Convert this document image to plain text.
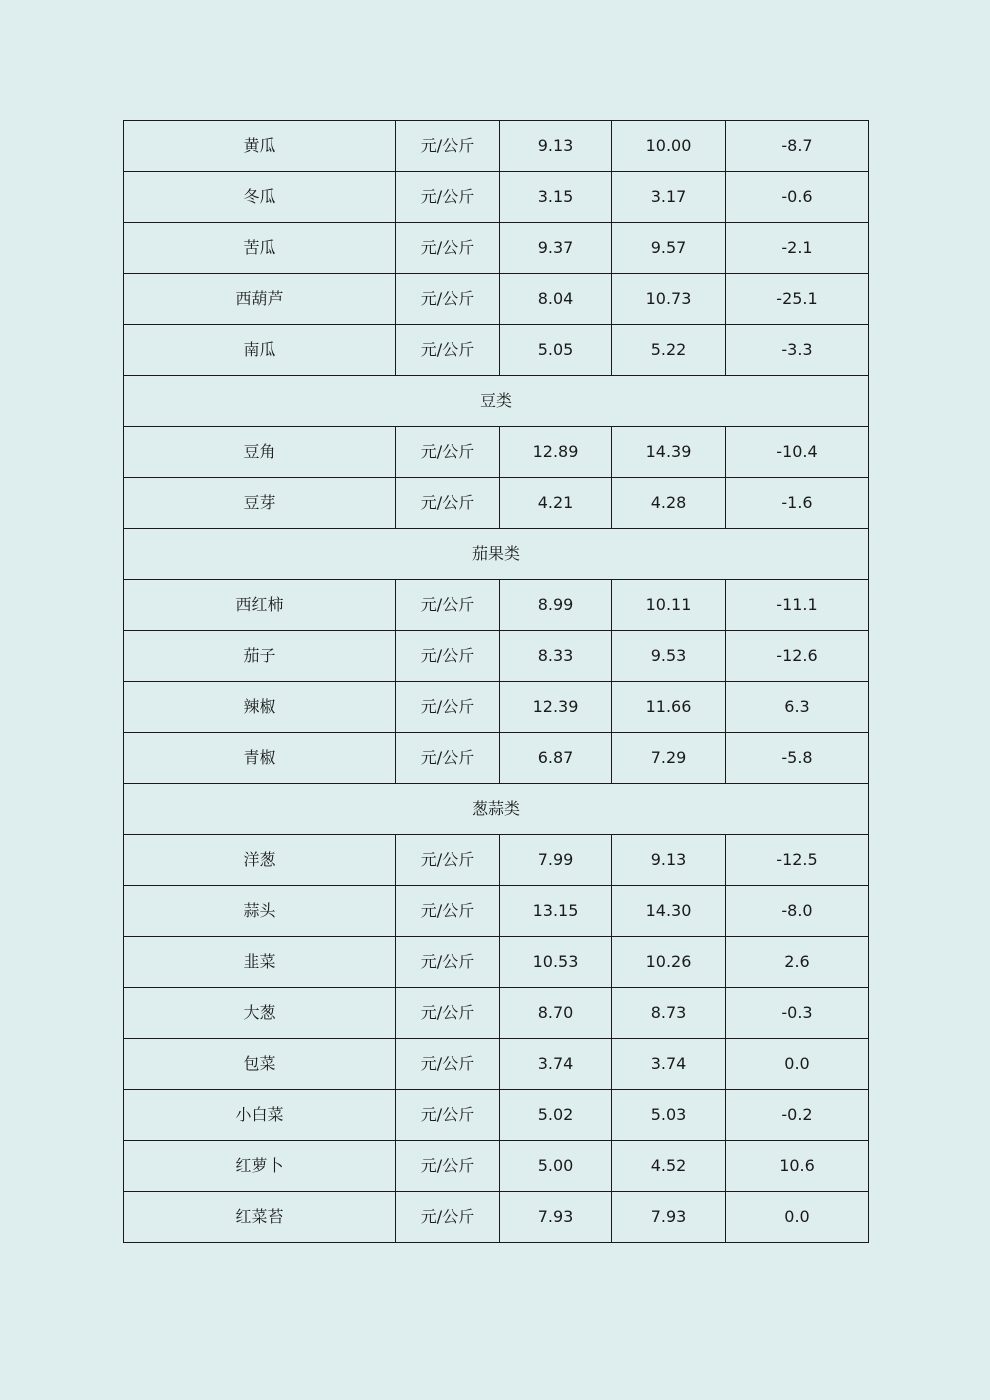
黄瓜	元/公斤	9.13	10.00	-8.7
冬瓜	元/公斤	3.15	3.17	-0.6
苦瓜	元/公斤	9.37	9.57	-2.1
西葫芦	元/公斤	8.04	10.73	-25.1
南瓜	元/公斤	5.05	5.22	-3.3
豆类				
豆角	元/公斤	12.89	14.39	-10.4
豆芽	元/公斤	4.21	4.28	-1.6
茄果类				
西红柿	元/公斤	8.99	10.11	-11.1
茄子	元/公斤	8.33	9.53	-12.6
辣椒	元/公斤	12.39	11.66	6.3
青椒	元/公斤	6.87	7.29	-5.8
葱蒜类				
洋葱	元/公斤	7.99	9.13	-12.5
蒜头	元/公斤	13.15	14.30	-8.0
韭菜	元/公斤	10.53	10.26	2.6
大葱	元/公斤	8.70	8.73	-0.3
包菜	元/公斤	3.74	3.74	0.0
小白菜	元/公斤	5.02	5.03	-0.2
红萝卜	元/公斤	5.00	4.52	10.6
红菜苔	元/公斤	7.93	7.93	0.0
